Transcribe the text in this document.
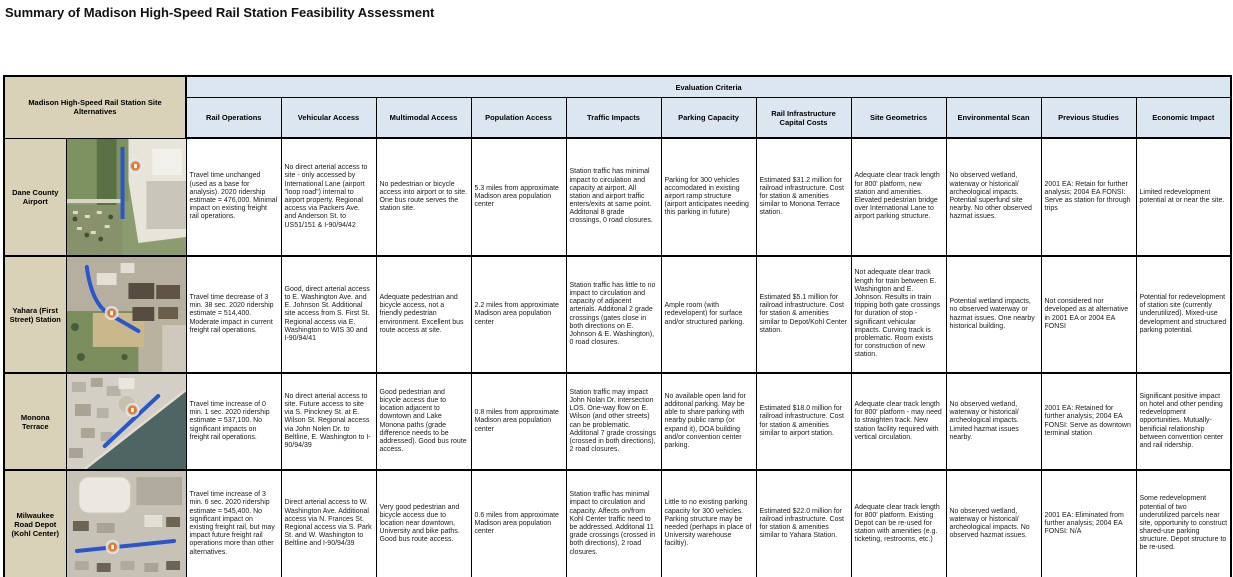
Summary of Madison High-Speed Rail Station Feasibility Assessment
Madison High-Speed Rail Station Site Alternatives		Evaluation Criteria										
		Rail Operations	Vehicular Access	Multimodal Access	Population Access	Traffic Impacts	Parking Capacity	Rail Infrastructure Capital Costs	Site Geometrics	Environmental Scan	Previous Studies	Economic Impact
Dane County Airport		Travel time unchanged (used as a base for analysis). 2020 ridership estimate = 476,000. Minimal impact on existing freight rail operations.	No direct arterial access to site - only accessed by International Lane (airport "loop road") internal to airport property. Regional access via Packers Ave. and Anderson St. to US51/151 & I-90/94/42	No pedestrian or bicycle access into airport or to site. One bus route serves the station site.	5.3 miles from approximate Madison area population center	Station traffic has minimal impact to circulation and capacity at airport. All station and airport traffic enters/exits at same point. Additonal 8 grade crossings, 0 road closures.	Parking for 300 vehicles accomodated in existing airport ramp structure (airport anticipates needing this parking in future)	Estimated $31.2 million for railroad infrastructure. Cost for station & amenities similar to Monona Terrace station.	Adequate clear track length for 800' platform, new station and amenities. Elevated pedestrian bridge over International Lane to airport parking structure.	No observed wetland, waterway or historical/ archeological impacts. Potential superfund site nearby. No other observed hazmat issues.	2001 EA: Retain for further analysis; 2004 EA FONSI: Serve as station for through trips	Limited redevelopment potential at or near the site.
Yahara (First Street) Station		Travel time decrease of 3 min. 38 sec. 2020 ridership estimate = 514,400. Moderate impact in current freight rail operations.	Good, direct arterial access to E. Washington Ave. and E. Johnson St. Additional site access from S. First St. Regional access via E. Washington to WIS 30 and I-90/94/41	Adequate pedestrian and bicycle access, not a friendly pedestrian environment. Excellent bus route access at site.	2.2 miles from approximate Madison area population center	Station traffic has little to no impact to circulation and capacity of adjacent arterials. Additonal 2 grade crossings (gates close in both directions on E. Johnson & E. Washington), 0 road closures.	Ample room (with redevelopent) for surface and/or structured parking.	Estimated $5.1 million for railroad infrastructure. Cost for station & amenities similar to Depot/Kohl Center station.	Not adequate clear track length for train between E. Washington and E. Johnson. Results in train tripping both gate crossings for duration of stop - significant vehicular impacts. Curving track is problematic. Room exists for construction of new station.	Potential wetland impacts, no observed waterway or hazmat issues. One nearby historical building.	Not considered nor developed as at alternative in 2001 EA or 2004 EA FONSI	Potential for redevelopment of station site (currently underutilized). Mixed-use development and structured parking potential.
Monona Terrace		Travel time increase of 0 min. 1 sec. 2020 ridership estimate = 537,100. No significant impacts on freight rail operations.	No direct arterial access to site. Future access to site via S. Pinckney St. at E. Wilson St. Regional access via John Nolen Dr. to Beltline, E. Washington to I-90/94/39	Good pedestrian and bicycle access due to location adjacent to downtown and Lake Monona paths (grade difference needs to be addressed). Good bus route access.	0.8 miles from approximate Madison area population center	Station traffic may impact John Nolan Dr. intersection LOS. One-way flow on E. Wilson (and other streets) can be problematic. Additonal 7 grade crossings (crossed in both directions), 2 road closures.	No available open land for additonal parking. May be able to share parking with nearby public ramp (or expand it), DOA building and/or convention center parking.	Estimated $18.0 million for railroad infrastructure. Cost for station & amenities similar to airport station.	Adequate clear track length for 800' platform - may need to straighten track. New station facility required with vertical circulation.	No observed wetland, waterway or historical/ archeological impacts. Limited hazmat issues nearby.	2001 EA: Retained for further analysis; 2004 EA FONSI: Serve as downtown terminal station	Significant positive impact on hotel and other pending redevelopment opportunities. Mutually-benificial relationship between convention center and rail ridership.
Milwaukee Road Depot (Kohl Center)		Travel time increase of 3 min. 6 sec. 2020 ridership estimate = 545,400. No significant impact on existing freight rail, but may impact future freight rail operations more than other alternatives.	Direct arterial access to W. Washington Ave. Additional access via N. Frances St. Regional access via S. Park St. and W. Washington to Beltline and I-90/94/39	Very good pedestrian and bicycle access due to location near downtown, University and bike paths. Good bus route access.	0.6 miles from approximate Madison area population center	Station traffic has minimal impact to circulation and capacity. Affects on/from Kohl Center traffic need to be addressed. Additonal 11 grade crossings (crossed in both directions), 2 road closures.	Little to no existing parking capacity for 300 vehicles. Parking structure may be needed (perhaps in place of University warehouse faciltiy).	Estimated $22.0 million for railroad infrastructure. Cost for station & amenities similar to Yahara Station.	Adequate clear track length for 800' platform. Existing Depot can be re-used for station with amenities (e.g. ticketing, restrooms, etc.)	No observed wetland, waterway or historical/ archeological impacts. No observed hazmat issues.	2001 EA: Eliminated from further analysis; 2004 EA FONSI: N/A	Some redevelopment potential of two underutilized parcels near site, opportunity to construct shared-use parking structure. Depot structure to be re-used.
